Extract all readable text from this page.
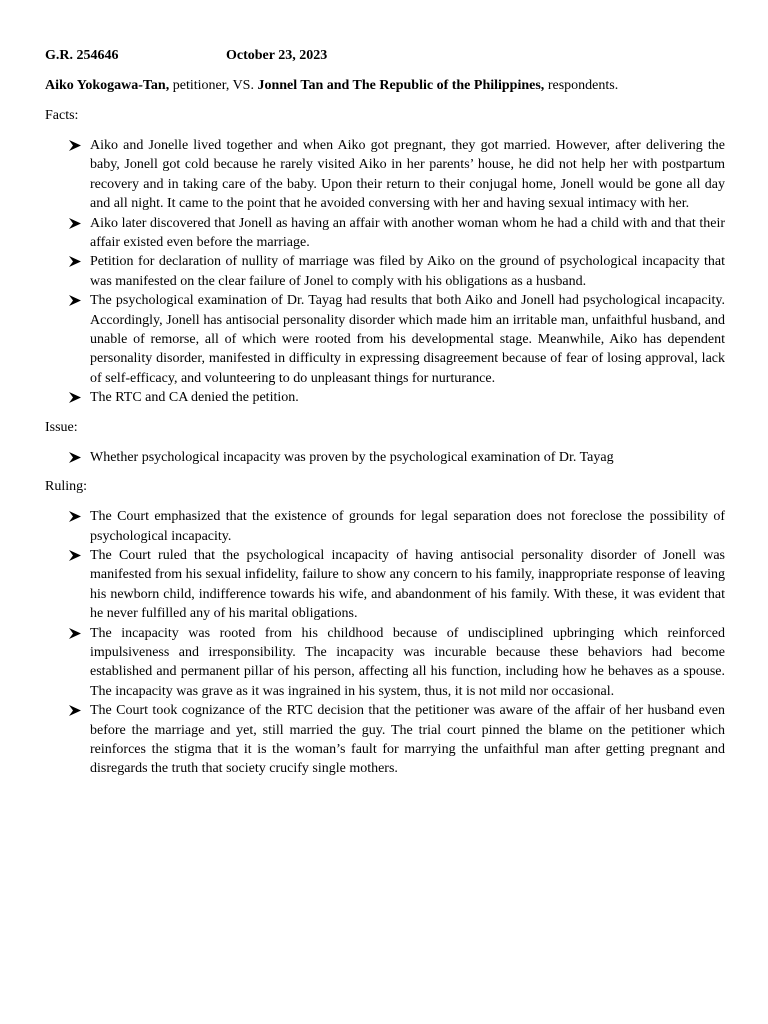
G.R. 254646	October 23, 2023
Aiko Yokogawa-Tan, petitioner, VS. Jonnel Tan and The Republic of the Philippines, respondents.
Facts:
Aiko and Jonelle lived together and when Aiko got pregnant, they got married. However, after delivering the baby, Jonell got cold because he rarely visited Aiko in her parents’ house, he did not help her with postpartum recovery and in taking care of the baby. Upon their return to their conjugal home, Jonell would be gone all day and all night. It came to the point that he avoided conversing with her and having sexual intimacy with her.
Aiko later discovered that Jonell as having an affair with another woman whom he had a child with and that their affair existed even before the marriage.
Petition for declaration of nullity of marriage was filed by Aiko on the ground of psychological incapacity that was manifested on the clear failure of Jonel to comply with his obligations as a husband.
The psychological examination of Dr. Tayag had results that both Aiko and Jonell had psychological incapacity. Accordingly, Jonell has antisocial personality disorder which made him an irritable man, unfaithful husband, and unable of remorse, all of which were rooted from his developmental stage. Meanwhile, Aiko has dependent personality disorder, manifested in difficulty in expressing disagreement because of fear of losing approval, lack of self-efficacy, and volunteering to do unpleasant things for nurturance.
The RTC and CA denied the petition.
Issue:
Whether psychological incapacity was proven by the psychological examination of Dr. Tayag
Ruling:
The Court emphasized that the existence of grounds for legal separation does not foreclose the possibility of psychological incapacity.
The Court ruled that the psychological incapacity of having antisocial personality disorder of Jonell was manifested from his sexual infidelity, failure to show any concern to his family, inappropriate response of leaving his newborn child, indifference towards his wife, and abandonment of his family. With these, it was evident that he never fulfilled any of his marital obligations.
The incapacity was rooted from his childhood because of undisciplined upbringing which reinforced impulsiveness and irresponsibility. The incapacity was incurable because these behaviors had become established and permanent pillar of his person, affecting all his function, including how he behaves as a spouse. The incapacity was grave as it was ingrained in his system, thus, it is not mild nor occasional.
The Court took cognizance of the RTC decision that the petitioner was aware of the affair of her husband even before the marriage and yet, still married the guy. The trial court pinned the blame on the petitioner which reinforces the stigma that it is the woman’s fault for marrying the unfaithful man after getting pregnant and disregards the truth that society crucify single mothers.
